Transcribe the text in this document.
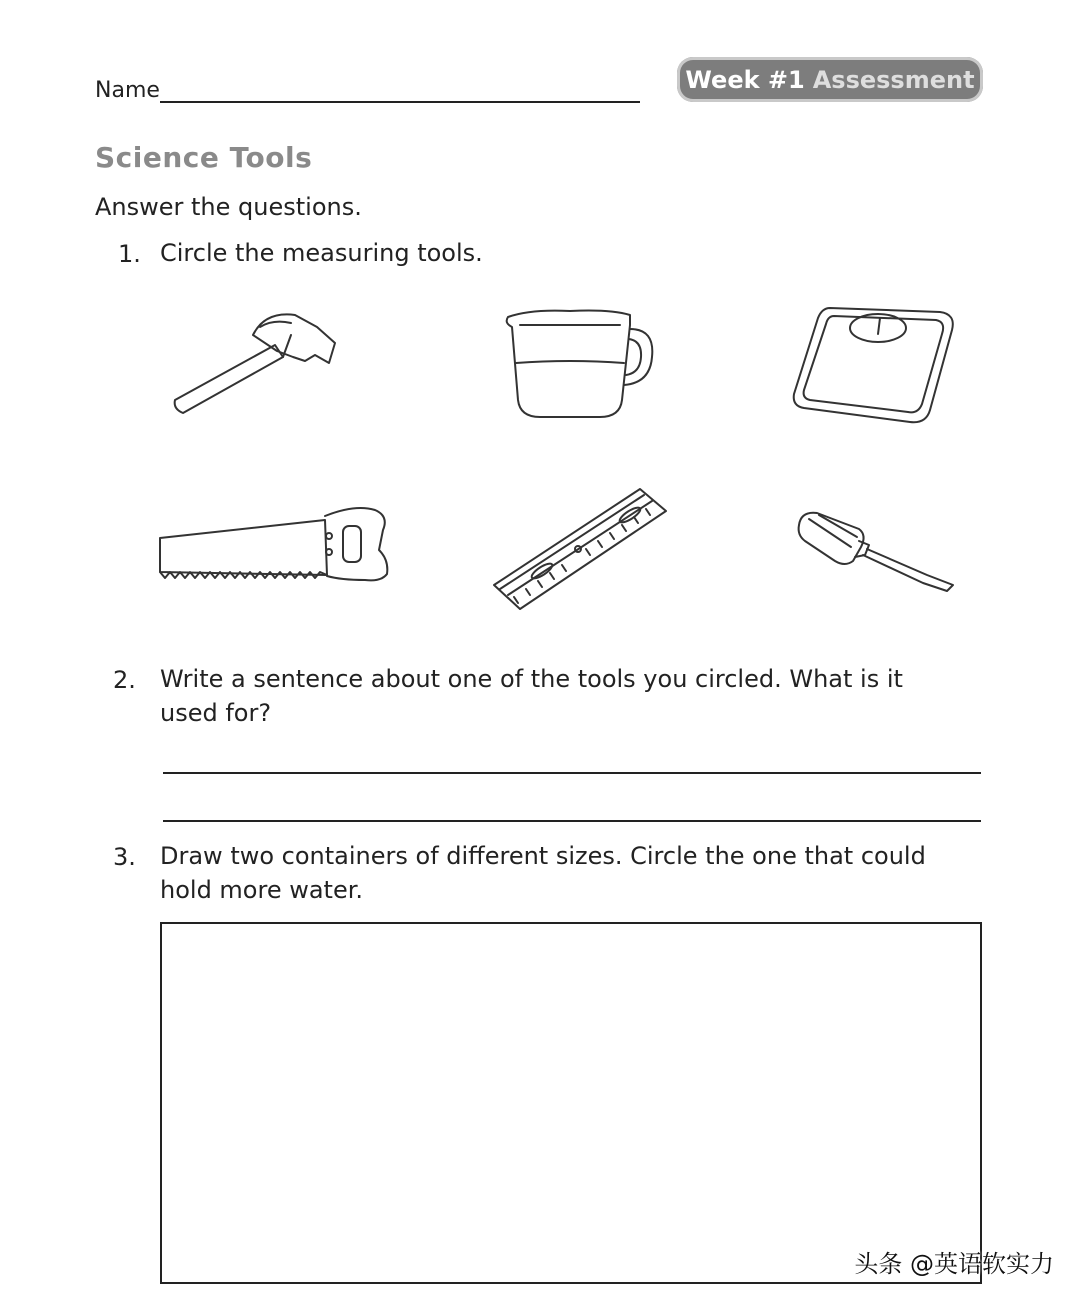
Name	Week #1 Assessment
Science Tools
Answer the questions.
1. Circle the measuring tools.
2. Write a sentence about one of the tools you circled. What is it
used for?
3. Draw two containers of different sizes. Circle the one that could
hold more water.
头条 @英语软实力
